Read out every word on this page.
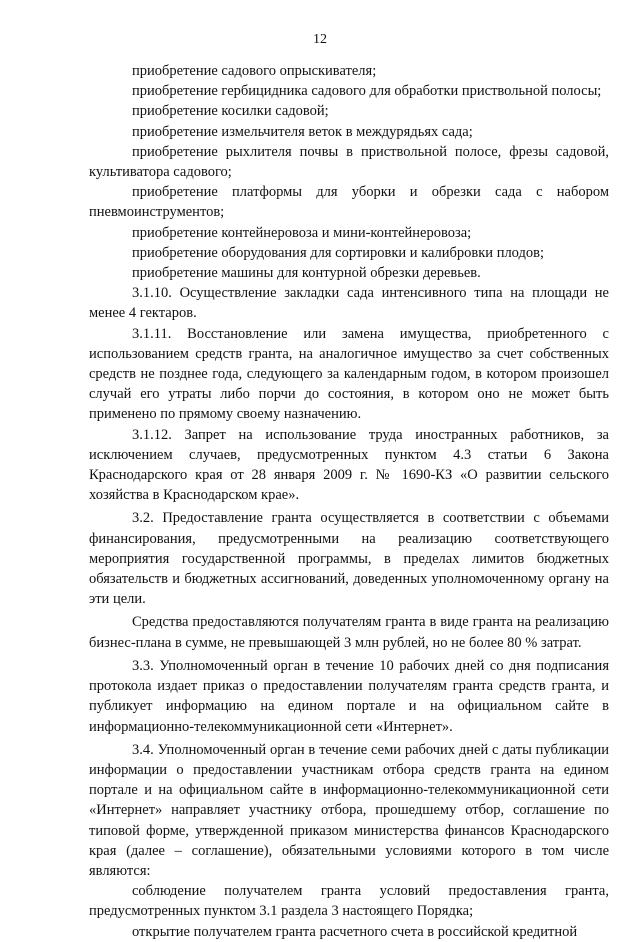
12

приобретение садового опрыскивателя;

приобретение гербицидника садового для обработки приствольной полосы;

приобретение косилки садовой;

приобретение измельчителя веток в междурядьях сада;

приобретение рыхлителя почвы в приствольной полосе, фрезы садовой, культиватора садового;

приобретение платформы для уборки и обрезки сада с набором пневмоинструментов;

приобретение контейнеровоза и мини-контейнеровоза;

приобретение оборудования для сортировки и калибровки плодов;

приобретение машины для контурной обрезки деревьев.

3.1.10. Осуществление закладки сада интенсивного типа на площади не менее 4 гектаров.

3.1.11. Восстановление или замена имущества, приобретенного с использованием средств гранта, на аналогичное имущество за счет собственных средств не позднее года, следующего за календарным годом, в котором произошел случай его утраты либо порчи до состояния, в котором оно не может быть применено по прямому своему назначению.

3.1.12. Запрет на использование труда иностранных работников, за исключением случаев, предусмотренных пунктом 4.3 статьи 6 Закона Краснодарского края от 28 января 2009 г. № 1690-КЗ «О развитии сельского хозяйства в Краснодарском крае».

3.2. Предоставление гранта осуществляется в соответствии с объемами финансирования, предусмотренными на реализацию соответствующего мероприятия государственной программы, в пределах лимитов бюджетных обязательств и бюджетных ассигнований, доведенных уполномоченному органу на эти цели.

Средства предоставляются получателям гранта в виде гранта на реализацию бизнес-плана в сумме, не превышающей 3 млн рублей, но не более 80 % затрат.

3.3. Уполномоченный орган в течение 10 рабочих дней со дня подписания протокола издает приказ о предоставлении получателям гранта средств гранта, и публикует информацию на едином портале и на официальном сайте в информационно-телекоммуникационной сети «Интернет».

3.4. Уполномоченный орган в течение семи рабочих дней с даты публикации информации о предоставлении участникам отбора средств гранта на едином портале и на официальном сайте в информационно-телекоммуникационной сети «Интернет» направляет участнику отбора, прошедшему отбор, соглашение по типовой форме, утвержденной приказом министерства финансов Краснодарского края (далее – соглашение), обязательными условиями которого в том числе являются:

соблюдение получателем гранта условий предоставления гранта, предусмотренных пунктом 3.1 раздела 3 настоящего Порядка;

открытие получателем гранта расчетного счета в российской кредитной
